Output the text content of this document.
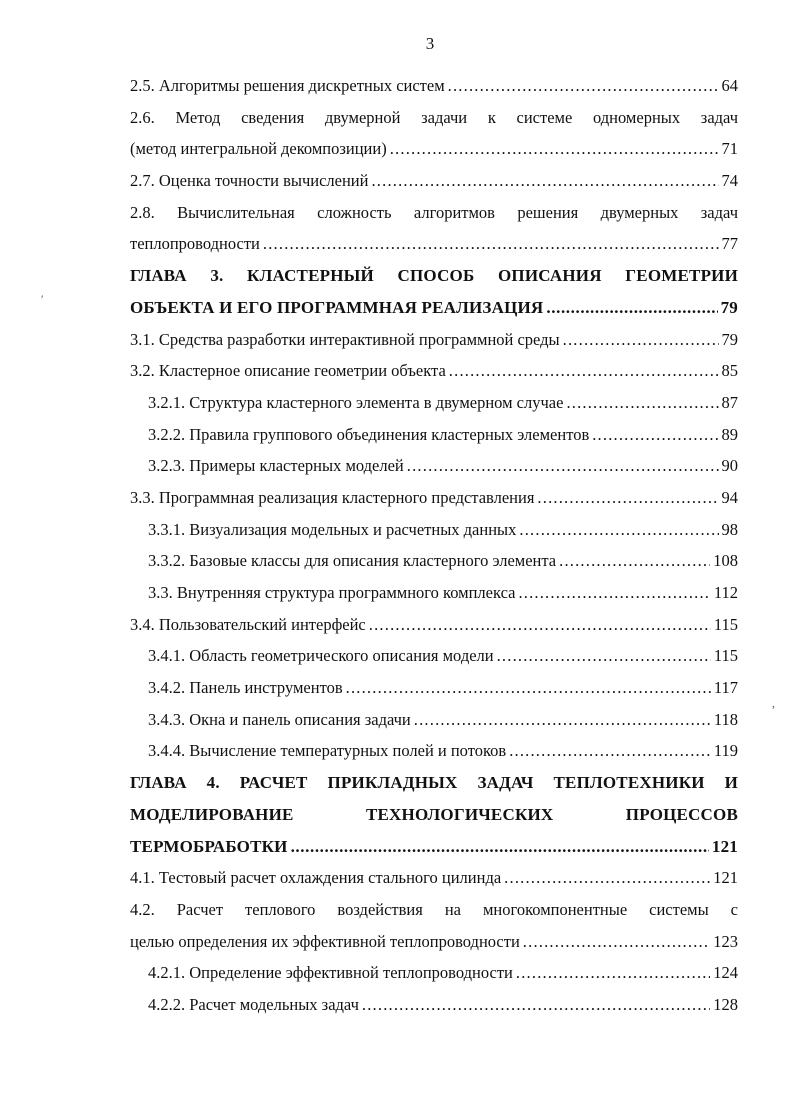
3
′
,
2.5. Алгоритмы решения дискретных систем .....	64
2.6. Метод сведения двумерной задачи к системе одномерных задач
(метод интегральной декомпозиции) .....	71
2.7. Оценка точности вычислений .....	74
2.8. Вычислительная сложность алгоритмов решения двумерных задач
теплопроводности .....	77
ГЛАВА 3. КЛАСТЕРНЫЙ СПОСОБ ОПИСАНИЯ ГЕОМЕТРИИ
ОБЪЕКТА И ЕГО ПРОГРАММНАЯ РЕАЛИЗАЦИЯ .....	79
3.1. Средства разработки интерактивной программной среды .....	79
3.2. Кластерное описание геометрии объекта .....	85
3.2.1. Структура кластерного элемента в двумерном случае .....	87
3.2.2. Правила группового объединения кластерных элементов .....	89
3.2.3. Примеры кластерных моделей .....	90
3.3. Программная реализация кластерного представления .....	94
3.3.1. Визуализация модельных и расчетных данных .....	98
3.3.2. Базовые классы для описания кластерного элемента .....	108
3.3. Внутренняя структура программного комплекса .....	112
3.4. Пользовательский интерфейс .....	115
3.4.1. Область геометрического описания модели .....	115
3.4.2. Панель инструментов .....	117
3.4.3. Окна и панель описания задачи .....	118
3.4.4. Вычисление температурных полей и потоков .....	119
ГЛАВА 4. РАСЧЕТ ПРИКЛАДНЫХ ЗАДАЧ ТЕПЛОТЕХНИКИ И
МОДЕЛИРОВАНИЕ ТЕХНОЛОГИЧЕСКИХ ПРОЦЕССОВ
ТЕРМОБРАБОТКИ .....	121
4.1. Тестовый расчет охлаждения стального цилинда .....	121
4.2. Расчет теплового воздействия на многокомпонентные системы с
целью определения их эффективной теплопроводности .....	123
4.2.1. Определение эффективной теплопроводности .....	124
4.2.2. Расчет модельных задач .....	128
